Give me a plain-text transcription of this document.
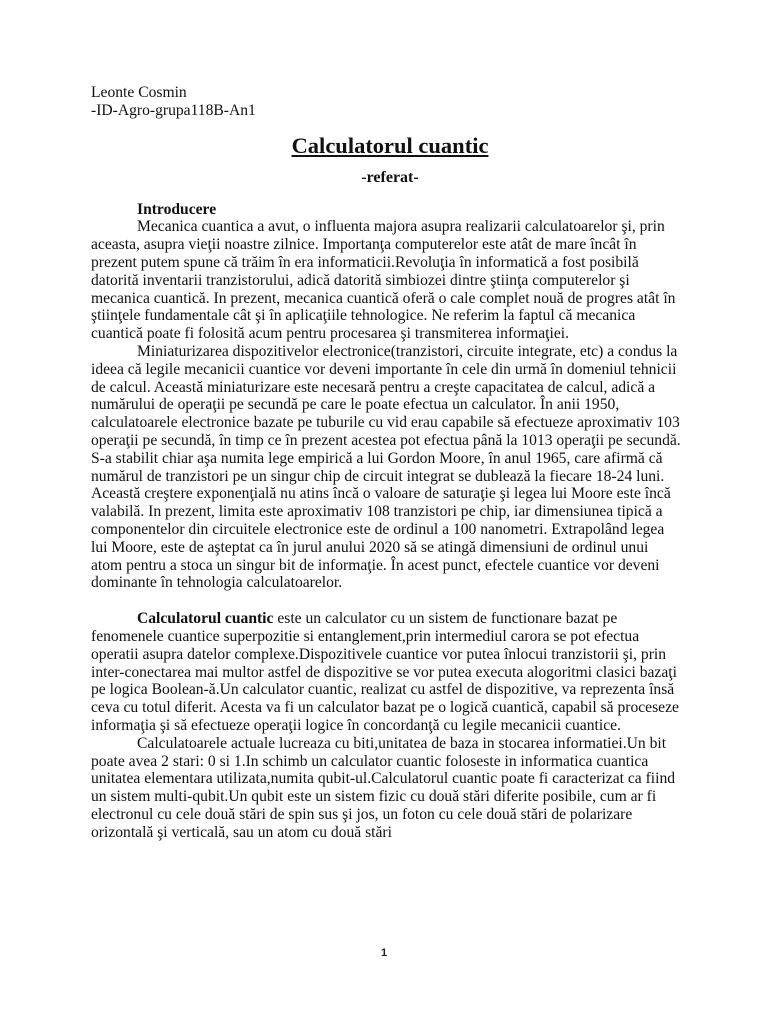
Leonte Cosmin
-ID-Agro-grupa118B-An1
Calculatorul cuantic
-referat-
Introducere

Mecanica cuantica a avut, o influenta majora asupra realizarii calculatoarelor şi, prin aceasta, asupra vieţii noastre zilnice. Importanţa computerelor este atât de mare încât în prezent putem spune că trăim în era informaticii.Revoluţia în informatică a fost posibilă datorită inventarii tranzistorului, adică datorită simbiozei dintre ştiinţa computerelor şi mecanica cuantică. In prezent, mecanica cuantică oferă o cale complet nouă de progres atât în ştiinţele fundamentale cât şi în aplicaţiile tehnologice. Ne referim la faptul că mecanica cuantică poate fi folosită acum pentru procesarea şi transmiterea informaţiei.

Miniaturizarea dispozitivelor electronice(tranzistori, circuite integrate, etc) a condus la ideea că legile mecanicii cuantice vor deveni importante în cele din urmă în domeniul tehnicii de calcul. Această miniaturizare este necesară pentru a creşte capacitatea de calcul, adică a numărului de operaţii pe secundă pe care le poate efectua un calculator. În anii 1950, calculatoarele electronice bazate pe tuburile cu vid erau capabile să efectueze aproximativ 103 operaţii pe secundă, în timp ce în prezent acestea pot efectua până la 1013 operaţii pe secundă. S-a stabilit chiar aşa numita lege empirică a lui Gordon Moore, în anul 1965, care afirmă că numărul de tranzistori pe un singur chip de circuit integrat se dublează la fiecare 18-24 luni. Această creştere exponenţială nu atins încă o valoare de saturaţie şi legea lui Moore este încă valabilă. In prezent, limita este aproximativ 108 tranzistori pe chip, iar dimensiunea tipică a componentelor din circuitele electronice este de ordinul a 100 nanometri. Extrapolând legea lui Moore, este de aşteptat ca în jurul anului 2020 să se atingă dimensiuni de ordinul unui atom pentru a stoca un singur bit de informaţie. În acest punct, efectele cuantice vor deveni dominante în tehnologia calculatoarelor.

Calculatorul cuantic este un calculator cu un sistem de functionare bazat pe fenomenele cuantice superpozitie si entanglement,prin intermediul carora se pot efectua operatii asupra datelor complexe.Dispozitivele cuantice vor putea înlocui tranzistorii şi, prin inter-conectarea mai multor astfel de dispozitive se vor putea executa alogoritmi clasici bazaţi pe logica Boolean-ă.Un calculator cuantic, realizat cu astfel de dispozitive, va reprezenta însă ceva cu totul diferit. Acesta va fi un calculator bazat pe o logică cuantică, capabil să proceseze informaţia şi să efectueze operaţii logice în concordanţă cu legile mecanicii cuantice.

Calculatoarele actuale lucreaza cu biti,unitatea de baza in stocarea informatiei.Un bit poate avea 2 stari: 0 si 1.In schimb un calculator cuantic foloseste in informatica cuantica unitatea elementara utilizata,numita qubit-ul.Calculatorul cuantic poate fi caracterizat ca fiind un sistem multi-qubit.Un qubit este un sistem fizic cu două stări diferite posibile, cum ar fi electronul cu cele două stări de spin sus şi jos, un foton cu cele două stări de polarizare orizontală şi verticală, sau un atom cu două stări

1
